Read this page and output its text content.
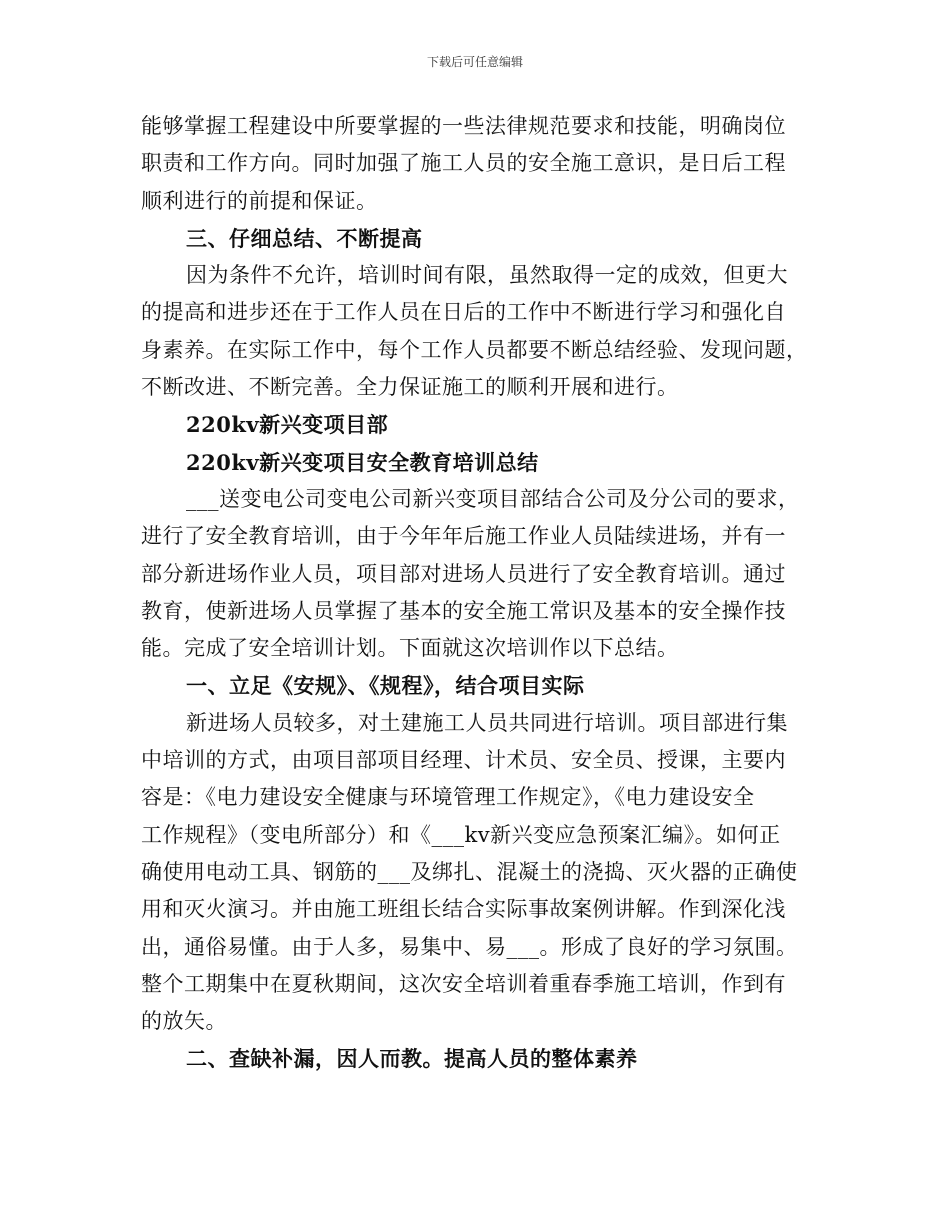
下载后可任意编辑
能够掌握工程建设中所要掌握的一些法律规范要求和技能，明确岗位
职责和工作方向。同时加强了施工人员的安全施工意识，是日后工程
顺利进行的前提和保证。
三、仔细总结、不断提高
因为条件不允许，培训时间有限，虽然取得一定的成效，但更大
的提高和进步还在于工作人员在日后的工作中不断进行学习和强化自
身素养。在实际工作中，每个工作人员都要不断总结经验、发现问题，
不断改进、不断完善。全力保证施工的顺利开展和进行。
220kv新兴变项目部
220kv新兴变项目安全教育培训总结
___送变电公司变电公司新兴变项目部结合公司及分公司的要求，
进行了安全教育培训，由于今年年后施工作业人员陆续进场，并有一
部分新进场作业人员，项目部对进场人员进行了安全教育培训。通过
教育，使新进场人员掌握了基本的安全施工常识及基本的安全操作技
能。完成了安全培训计划。下面就这次培训作以下总结。
一、立足《安规》、《规程》，结合项目实际
新进场人员较多，对土建施工人员共同进行培训。项目部进行集
中培训的方式，由项目部项目经理、计术员、安全员、授课，主要内
容是：《电力建设安全健康与环境管理工作规定》，《电力建设安全
工作规程》（变电所部分）和《___kv新兴变应急预案汇编》。如何正
确使用电动工具、钢筋的___及绑扎、混凝土的浇捣、灭火器的正确使
用和灭火演习。并由施工班组长结合实际事故案例讲解。作到深化浅
出，通俗易懂。由于人多，易集中、易___。形成了良好的学习氛围。
整个工期集中在夏秋期间，这次安全培训着重春季施工培训，作到有
的放矢。
二、查缺补漏，因人而教。提高人员的整体素养
